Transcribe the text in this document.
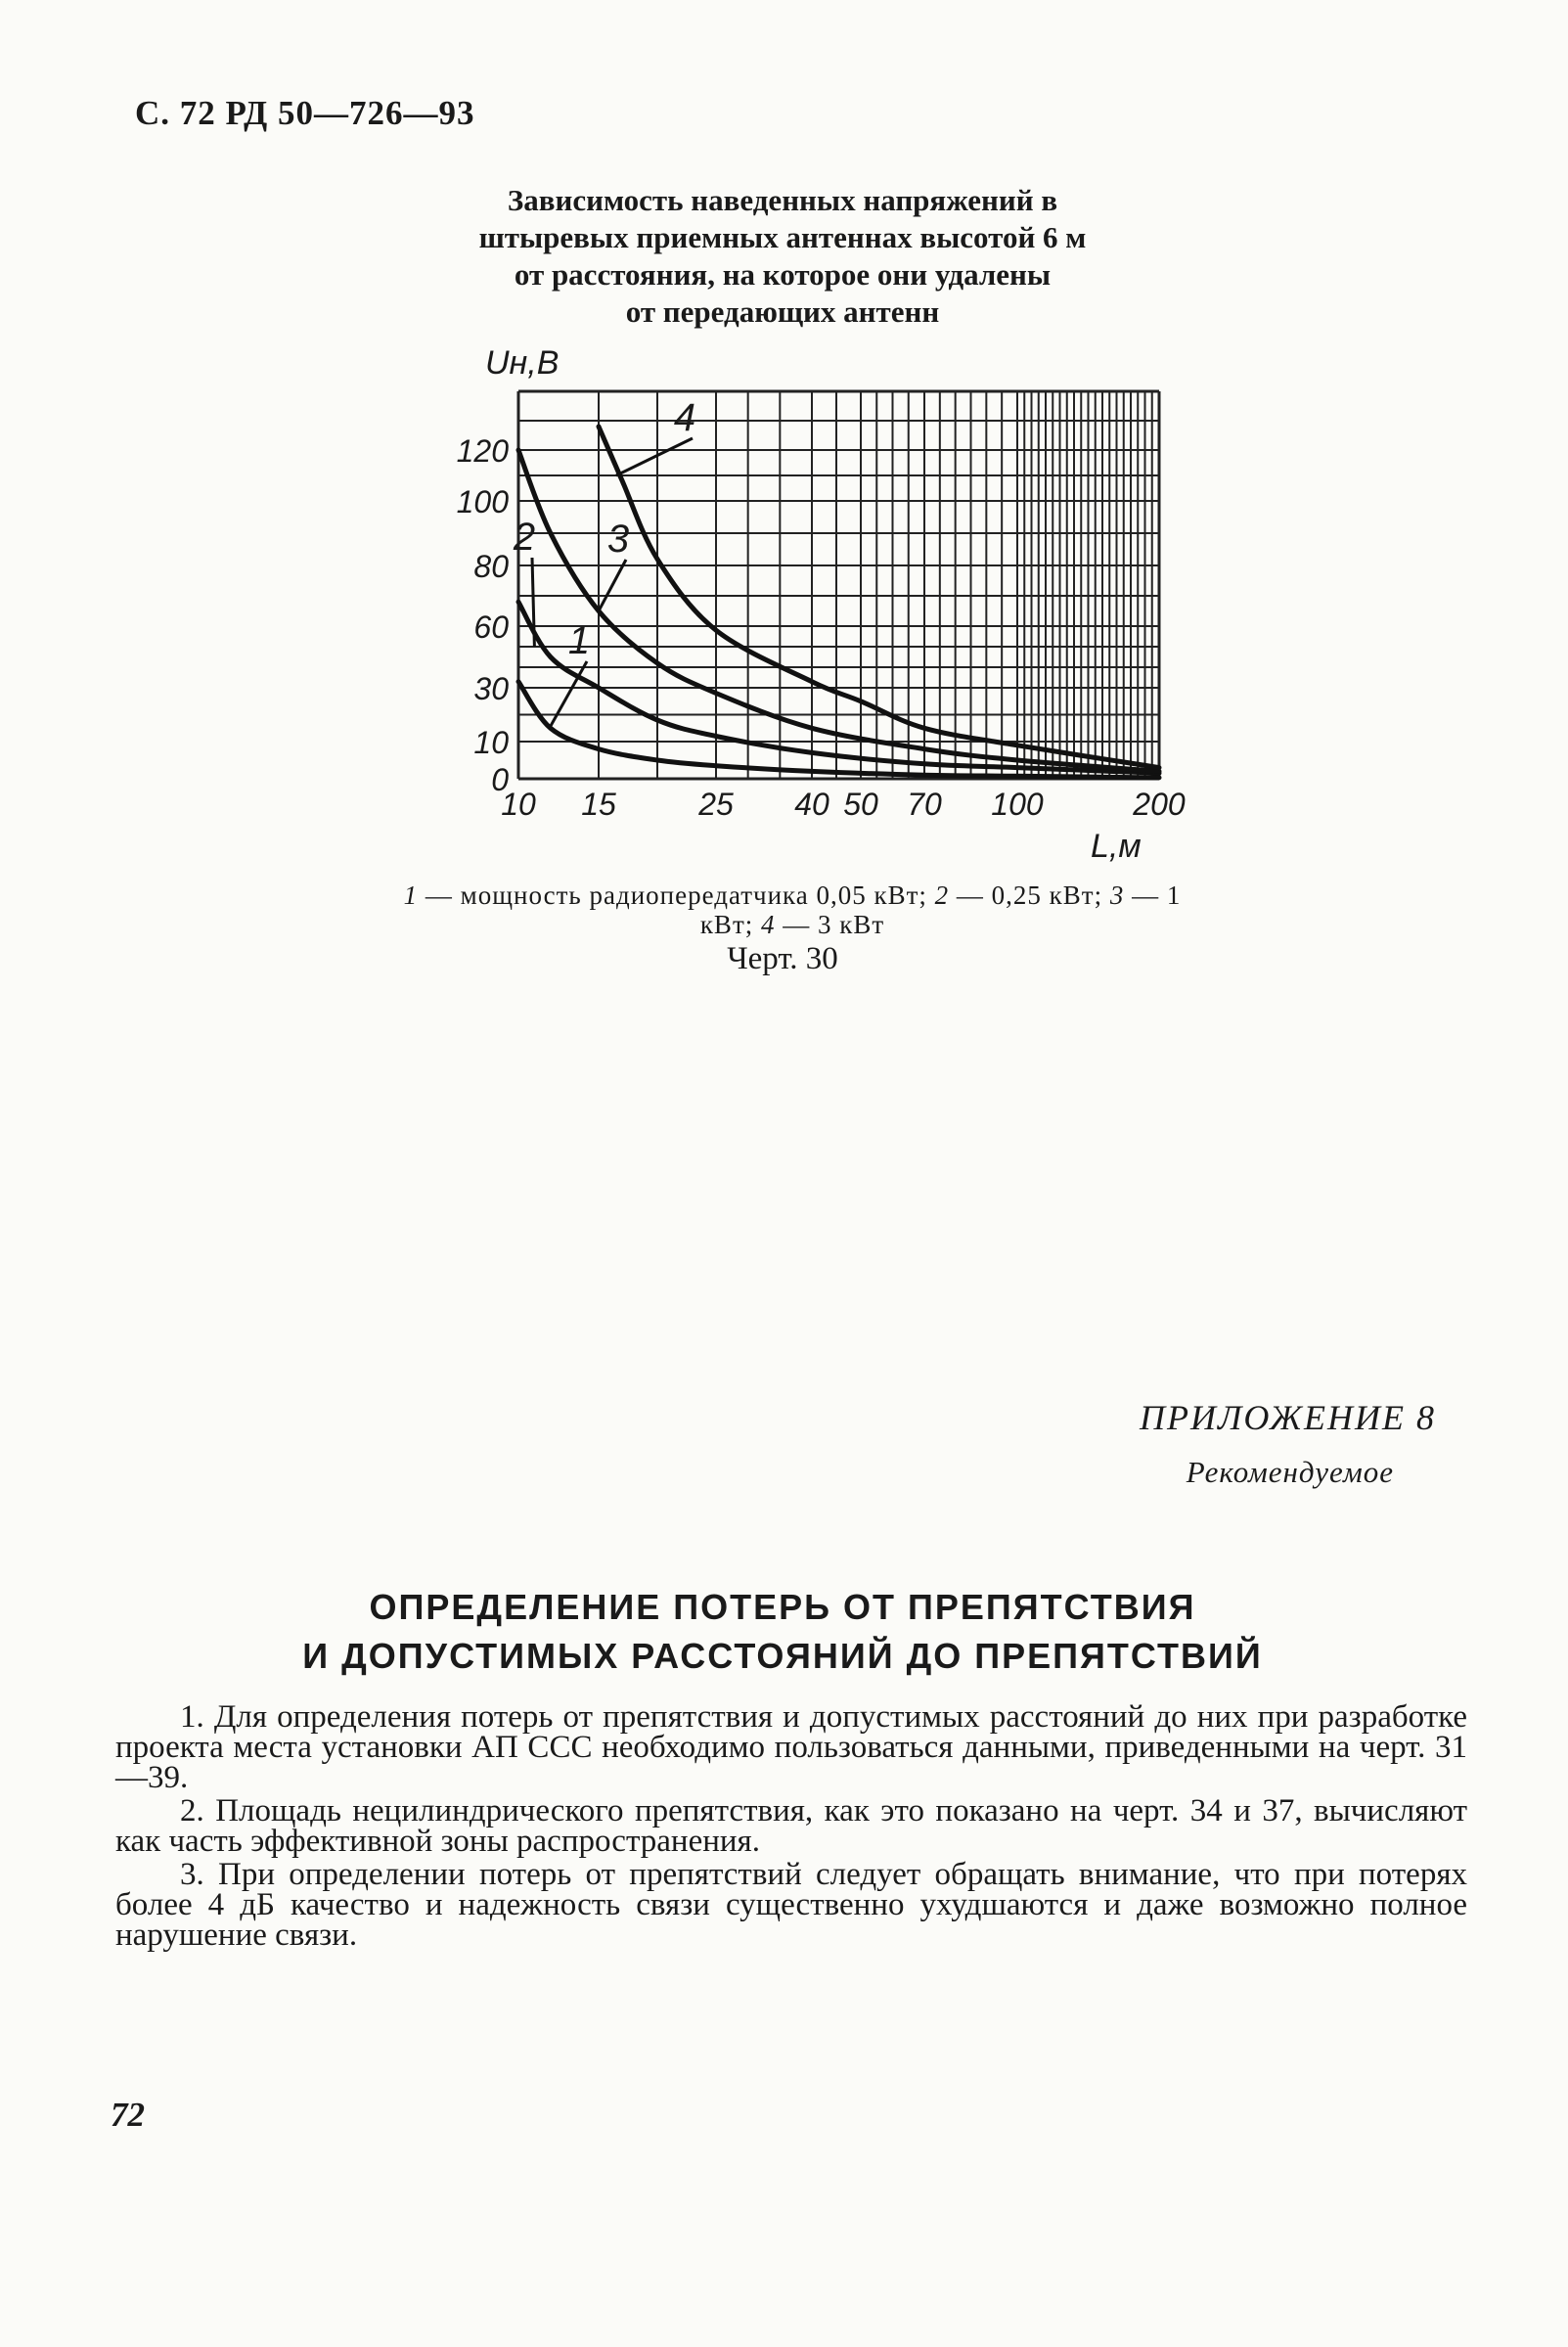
С. 72 РД 50—726—93
Зависимость наведенных напряжений в
штыревых приемных антеннах высотой 6 м
от расстояния, на которое они удалены
от передающих антенн
10 15	25 40 50 70 100	200
0
10
30
60
80
100
120
1
2 3
4
Uн,В
L,м
1 — мощность радиопередатчика 0,05 кВт; 2 — 0,25 кВт; 3 — 1 кВт; 4 — 3 кВт
Черт. 30
ПРИЛОЖЕНИЕ 8
Рекомендуемое
ОПРЕДЕЛЕНИЕ ПОТЕРЬ ОТ ПРЕПЯТСТВИЯ
И ДОПУСТИМЫХ РАССТОЯНИЙ ДО ПРЕПЯТСТВИЙ

1. Для определения потерь от препятствия и допустимых расстояний до них при разработке проекта места установки АП ССС необходимо пользоваться данными, приведенными на черт. 31—39.

2. Площадь нецилиндрического препятствия, как это показано на черт. 34 и 37, вычисляют как часть эффективной зоны распространения.

3. При определении потерь от препятствий следует обращать внимание, что при потерях более 4 дБ качество и надежность связи существенно ухудшаются и даже возможно полное нарушение связи.

72
